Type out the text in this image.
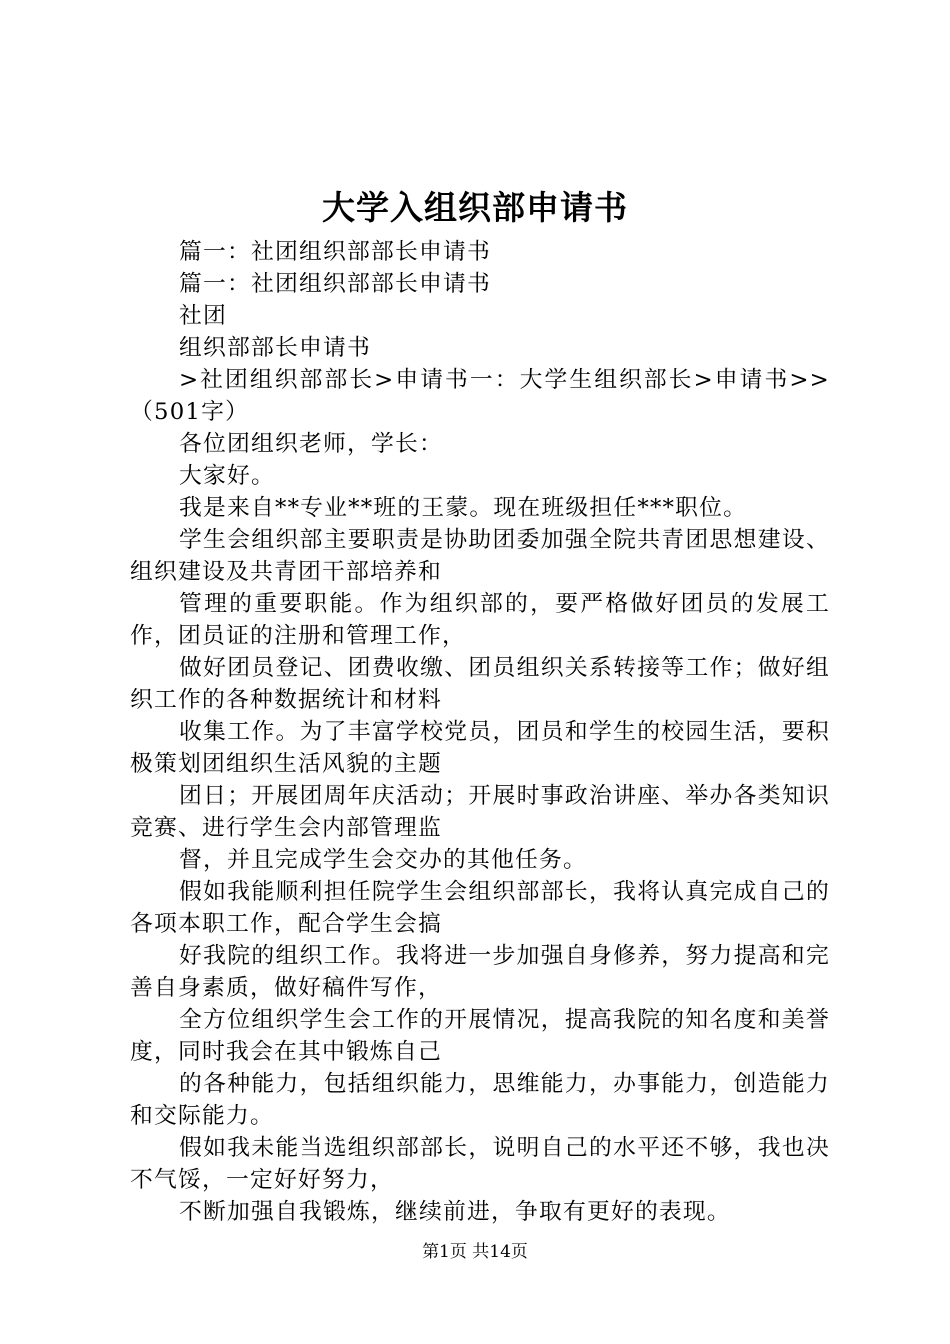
大学入组织部申请书

篇一：社团组织部部长申请书

篇一：社团组织部部长申请书

社团

组织部部长申请书

>社团组织部部长>申请书一：大学生组织部长>申请书>>（501字）

各位团组织老师，学长：

大家好。

我是来自**专业**班的王蒙。现在班级担任***职位。

学生会组织部主要职责是协助团委加强全院共青团思想建设、组织建设及共青团干部培养和

管理的重要职能。作为组织部的，要严格做好团员的发展工作，团员证的注册和管理工作，

做好团员登记、团费收缴、团员组织关系转接等工作；做好组织工作的各种数据统计和材料

收集工作。为了丰富学校党员，团员和学生的校园生活，要积极策划团组织生活风貌的主题

团日；开展团周年庆活动；开展时事政治讲座、举办各类知识竞赛、进行学生会内部管理监

督，并且完成学生会交办的其他任务。

假如我能顺利担任院学生会组织部部长，我将认真完成自己的各项本职工作，配合学生会搞

好我院的组织工作。我将进一步加强自身修养，努力提高和完善自身素质，做好稿件写作，

全方位组织学生会工作的开展情况，提高我院的知名度和美誉度，同时我会在其中锻炼自己

的各种能力，包括组织能力，思维能力，办事能力，创造能力和交际能力。

假如我未能当选组织部部长，说明自己的水平还不够，我也决不气馁，一定好好努力，

不断加强自我锻炼，继续前进，争取有更好的表现。

第1页 共14页
